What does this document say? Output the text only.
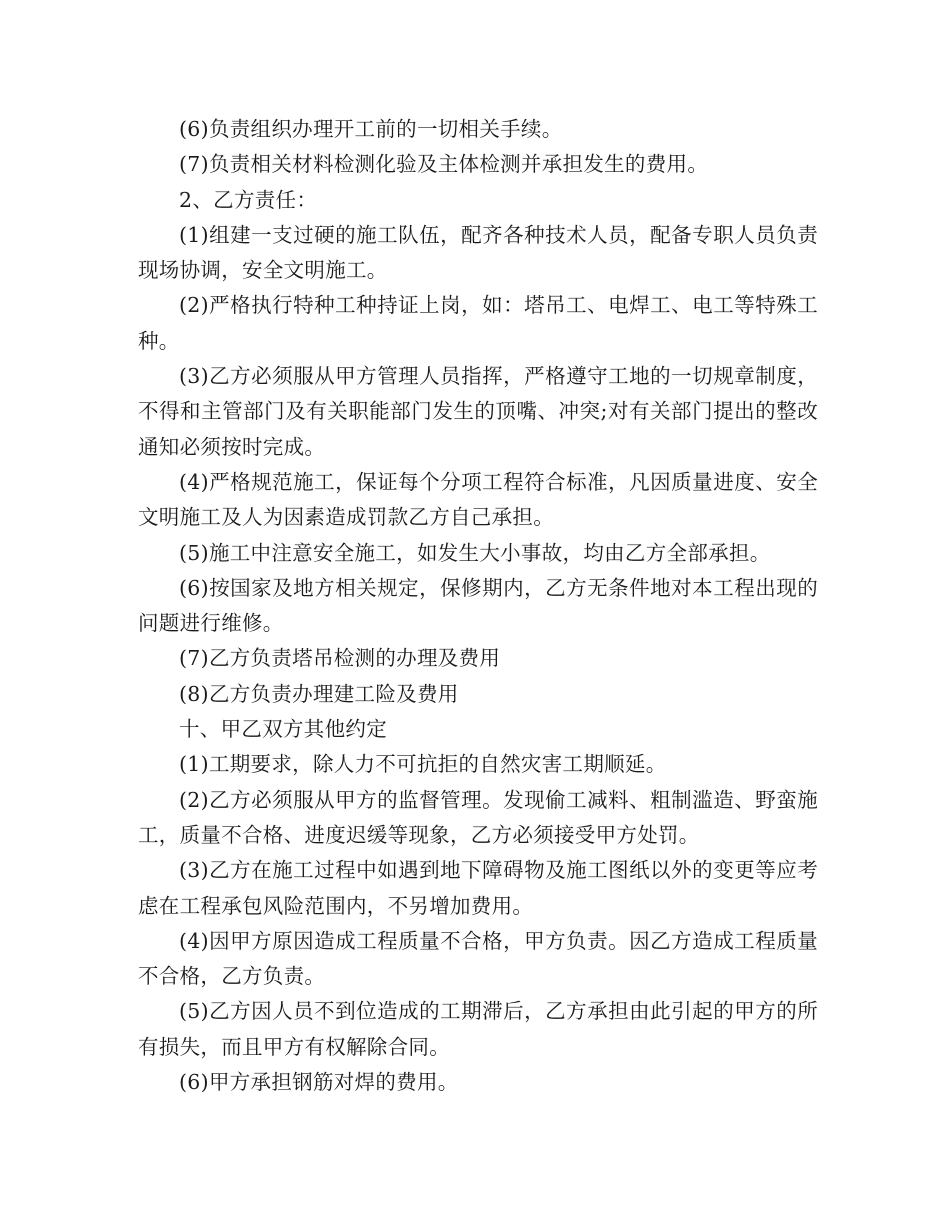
(6)负责组织办理开工前的一切相关手续。

(7)负责相关材料检测化验及主体检测并承担发生的费用。

2、乙方责任：

(1)组建一支过硬的施工队伍，配齐各种技术人员，配备专职人员负责现场协调，安全文明施工。

(2)严格执行特种工种持证上岗，如：塔吊工、电焊工、电工等特殊工种。

(3)乙方必须服从甲方管理人员指挥，严格遵守工地的一切规章制度，不得和主管部门及有关职能部门发生的顶嘴、冲突;对有关部门提出的整改通知必须按时完成。

(4)严格规范施工，保证每个分项工程符合标准，凡因质量进度、安全文明施工及人为因素造成罚款乙方自己承担。

(5)施工中注意安全施工，如发生大小事故，均由乙方全部承担。

(6)按国家及地方相关规定，保修期内，乙方无条件地对本工程出现的问题进行维修。

(7)乙方负责塔吊检测的办理及费用

(8)乙方负责办理建工险及费用

十、甲乙双方其他约定

(1)工期要求，除人力不可抗拒的自然灾害工期顺延。

(2)乙方必须服从甲方的监督管理。发现偷工减料、粗制滥造、野蛮施工，质量不合格、进度迟缓等现象，乙方必须接受甲方处罚。

(3)乙方在施工过程中如遇到地下障碍物及施工图纸以外的变更等应考虑在工程承包风险范围内，不另增加费用。

(4)因甲方原因造成工程质量不合格，甲方负责。因乙方造成工程质量不合格，乙方负责。

(5)乙方因人员不到位造成的工期滞后，乙方承担由此引起的甲方的所有损失，而且甲方有权解除合同。

(6)甲方承担钢筋对焊的费用。
